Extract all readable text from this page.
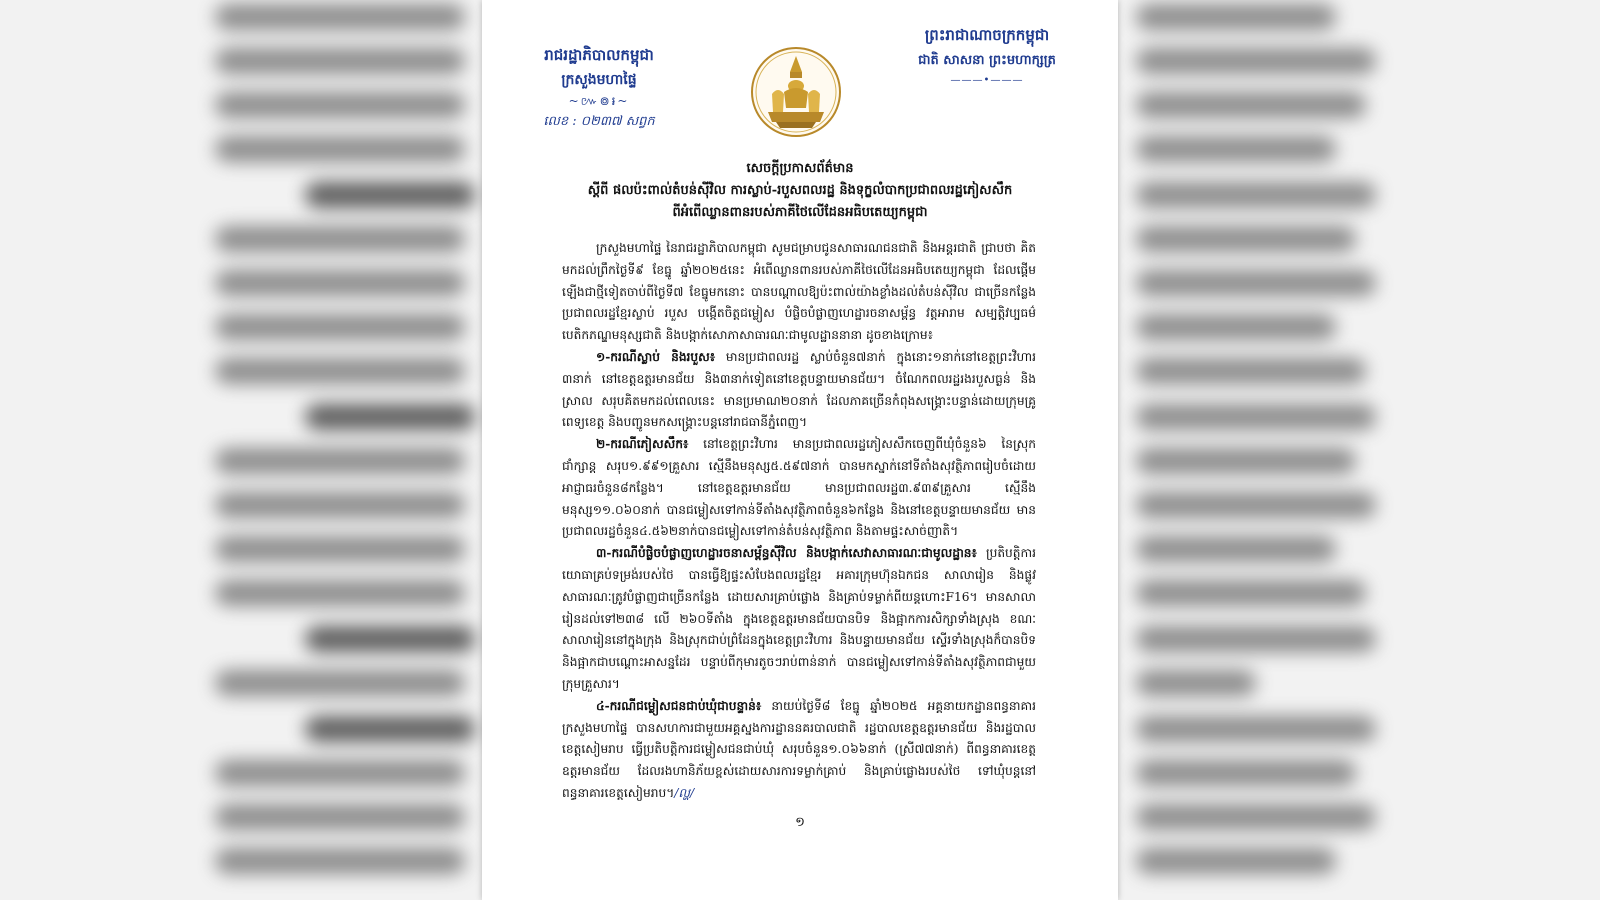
រាជរដ្ឋាភិបាលកម្ពុជា
ក្រសួងមហាផ្ទៃ
~៚៙៛~
លេខ : ០២៣៧ សព្វក
ព្រះរាជាណាចក្រកម្ពុជា
ជាតិ សាសនា ព្រះមហាក្សត្រ
———•———
សេចក្តីប្រកាសព័ត៌មាន
ស្តីពី ផលប៉ះពាល់តំបន់ស៊ីវិល ការស្លាប់-របួសពលរដ្ឋ និងទុក្ខលំបាកប្រជាពលរដ្ឋភៀសសឹក
ពីអំពើឈ្លានពានរបស់ភាគីថៃលើដែនអធិបតេយ្យកម្ពុជា

ក្រសួងមហាផ្ទៃ នៃរាជរដ្ឋាភិបាលកម្ពុជា សូមជម្រាបជូនសាធារណជនជាតិ និងអន្តរជាតិ ជ្រាបថា គិតមកដល់ព្រឹកថ្ងៃទី៩ ខែធ្នូ ឆ្នាំ២០២៥នេះ អំពើឈ្លានពានរបស់ភាគីថៃលើដែនអធិបតេយ្យកម្ពុជា ដែលផ្តើមឡើងជាថ្មីទៀតចាប់ពីថ្ងៃទី៧ ខែធ្នូមកនោះ បានបណ្តាលឱ្យប៉ះពាល់យ៉ាងខ្លាំងដល់តំបន់ស៊ីវិល ជាច្រើនកន្លែង ប្រជាពលរដ្ឋខ្មែរស្លាប់ របួស បង្កើតចិត្តជម្លៀស បំផ្លិចបំផ្លាញហេដ្ឋារចនាសម្ព័ន្ធ វត្តអារាម សម្បត្តិវប្បធម៌ បេតិកភណ្ឌមនុស្សជាតិ និងបង្កាក់សោភាសាធារណៈជាមូលដ្ឋាននានា ដូចខាងក្រោម៖

១-ករណីស្លាប់ និងរបួស៖ មានប្រជាពលរដ្ឋ ស្លាប់ចំនួន៧នាក់ ក្នុងនោះ១នាក់នៅខេត្តព្រះវិហារ ៣នាក់ នៅខេត្តឧត្តរមានជ័យ និង៣នាក់ទៀតនៅខេត្តបន្ទាយមានជ័យ។ ចំណែកពលរដ្ឋរងរបួសធ្ងន់ និងស្រាល សរុបគិតមកដល់ពេលនេះ មានប្រមាណ២០នាក់ ដែលភាគច្រើនកំពុងសង្គ្រោះបន្ទាន់ដោយក្រុមគ្រូពេទ្យខេត្ត និងបញ្ជូនមកសង្គ្រោះបន្តនៅរាជធានីភ្នំពេញ។

២-ករណីភៀសសឹក៖ នៅខេត្តព្រះវិហារ មានប្រជាពលរដ្ឋភៀសសឹកចេញពីឃុំចំនួន៦ នៃស្រុកជាំក្សាន្ត សរុប១.៩៩១គ្រួសារ ស្មើនឹងមនុស្ស៥.៥៩៧នាក់ បានមកស្នាក់នៅទីតាំងសុវត្ថិភាពរៀបចំដោយអាជ្ញាធរចំនួន៨កន្លែង។ នៅខេត្តឧត្តរមានជ័យ មានប្រជាពលរដ្ឋ៣.៩៣៩គ្រួសារ ស្មើនឹងមនុស្ស១១.០៦០នាក់ បានជម្លៀសទៅកាន់ទីតាំងសុវត្ថិភាពចំនួន៦កន្លែង និងនៅខេត្តបន្ទាយមានជ័យ មានប្រជាពលរដ្ឋចំនួន៤.៥៦២នាក់បានជម្លៀសទៅកាន់តំបន់សុវត្ថិភាព និងតាមផ្ទះសាច់ញាតិ។

៣-ករណីបំផ្លិចបំផ្លាញហេដ្ឋារចនាសម្ព័ន្ធស៊ីវិល និងបង្កាក់សេវាសាធារណៈជាមូលដ្ឋាន៖ ប្រតិបត្តិការយោធាគ្រប់ទម្រង់របស់ថៃ បានធ្វើឱ្យផ្ទះសំបែងពលរដ្ឋខ្មែរ អគារក្រុមហ៊ុនឯកជន សាលារៀន និងផ្លូវសាធារណៈត្រូវបំផ្លាញជាច្រើនកន្លែង ដោយសារគ្រាប់ផ្លោង និងគ្រាប់ទម្លាក់ពីយន្តហោះF16។ មានសាលារៀនដល់ទៅ២៣៨ លើ ២៦០ទីតាំង ក្នុងខេត្តឧត្តរមានជ័យបានបិទ និងផ្អាកការសិក្សាទាំងស្រុង ខណៈសាលារៀននៅក្នុងក្រុង និងស្រុកជាប់ព្រំដែនក្នុងខេត្តព្រះវិហារ និងបន្ទាយមានជ័យ ស្ទើរទាំងស្រុងក៏បានបិទ និងផ្អាកជាបណ្តោះអាសន្នដែរ បន្ទាប់ពីកុមារតូចៗរាប់ពាន់នាក់ បានជម្លៀសទៅកាន់ទីតាំងសុវត្ថិភាពជាមួយក្រុមគ្រួសារ។

៤-ករណីជម្លៀសជនជាប់ឃុំជាបន្ទាន់៖ នាយប់ថ្ងៃទី៨ ខែធ្នូ ឆ្នាំ២០២៥ អគ្គនាយកដ្ឋានពន្ធនាគារ ក្រសួងមហាផ្ទៃ បានសហការជាមួយអគ្គស្នងការដ្ឋាននគរបាលជាតិ រដ្ឋបាលខេត្តឧត្តរមានជ័យ និងរដ្ឋបាលខេត្តសៀមរាប ធ្វើប្រតិបត្តិការជម្លៀសជនជាប់ឃុំ សរុបចំនួន១.០៦៦នាក់ (ស្រី៧៧នាក់) ពីពន្ធនាគារខេត្តឧត្តរមានជ័យ ដែលរងហានិភ័យខ្ពស់ដោយសារការទម្លាក់គ្រាប់ និងគ្រាប់ផ្លោងរបស់ថៃ ទៅឃុំបន្តនៅពន្ធនាគារខេត្តសៀមរាប។/ល្ហ/

១
